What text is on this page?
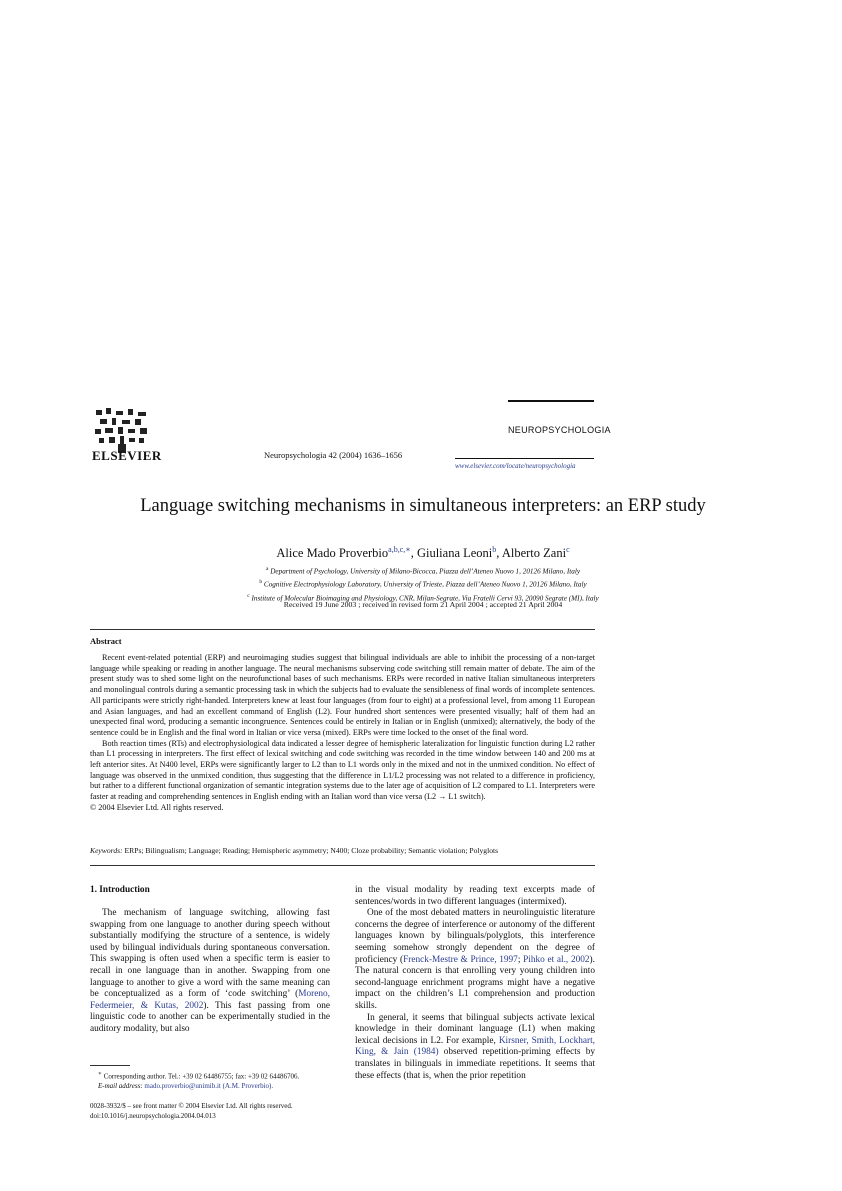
ELSEVIER	Neuropsychologia 42 (2004) 1636–1656
NEUROPSYCHOLOGIA
www.elsevier.com/locate/neuropsychologia
Language switching mechanisms in simultaneous interpreters: an ERP study
Alice Mado Proverbio$^{a,b,c,∗}$, Giuliana Leoni$^b$, Alberto Zani$^c$
$^a$ Department of Psychology, University of Milano-Bicocca, Piazza dell’Ateneo Nuovo 1, 20126 Milano, Italy
$^b$ Cognitive Electrophysiology Laboratory, University of Trieste, Piazza dell’Ateneo Nuovo 1, 20126 Milano, Italy
$^c$ Institute of Molecular Bioimaging and Physiology, CNR, Milan-Segrate, Via Fratelli Cervi 93, 20090 Segrate (MI), Italy
Received 19 June 2003 ; received in revised form 21 April 2004 ; accepted 21 April 2004
Abstract

Recent event-related potential (ERP) and neuroimaging studies suggest that bilingual individuals are able to inhibit the processing of a non-target language while speaking or reading in another language. The neural mechanisms subserving code switching still remain matter of debate. The aim of the present study was to shed some light on the neurofunctional bases of such mechanisms. ERPs were recorded in native Italian simultaneous interpreters and monolingual controls during a semantic processing task in which the subjects had to evaluate the sensibleness of final words of incomplete sentences. All participants were strictly right-handed. Interpreters knew at least four languages (from four to eight) at a professional level, from among 11 European and Asian languages, and had an excellent command of English (L2). Four hundred short sentences were presented visually; half of them had an unexpected final word, producing a semantic incongruence. Sentences could be entirely in Italian or in English (unmixed); alternatively, the body of the sentence could be in English and the final word in Italian or vice versa (mixed). ERPs were time locked to the onset of the final word.

Both reaction times (RTs) and electrophysiological data indicated a lesser degree of hemispheric lateralization for linguistic function during L2 rather than L1 processing in interpreters. The first effect of lexical switching and code switching was recorded in the time window between 140 and 200 ms at left anterior sites. At N400 level, ERPs were significantly larger to L2 than to L1 words only in the mixed and not in the unmixed condition. No effect of language was observed in the unmixed condition, thus suggesting that the difference in L1/L2 processing was not related to a difference in proficiency, but rather to a different functional organization of semantic integration systems due to the later age of acquisition of L2 compared to L1. Interpreters were faster at reading and comprehending sentences in English ending with an Italian word than vice versa (L2 → L1 switch).

© 2004 Elsevier Ltd. All rights reserved.

Keywords: ERPs; Bilingualism; Language; Reading; Hemispheric asymmetry; N400; Cloze probability; Semantic violation; Polyglots
1. Introduction

The mechanism of language switching, allowing fast swapping from one language to another during speech without substantially modifying the structure of a sentence, is widely used by bilingual individuals during spontaneous conversation. This swapping is often used when a specific term is easier to recall in one language than in another. Swapping from one language to another to give a word with the same meaning can be conceptualized as a form of ‘code switching’ (Moreno, Federmeier, & Kutas, 2002). This fast passing from one linguistic code to another can be experimentally studied in the auditory modality, but also

in the visual modality by reading text excerpts made of sentences/words in two different languages (intermixed).

One of the most debated matters in neurolinguistic literature concerns the degree of interference or autonomy of the different languages known by bilinguals/polyglots, this interference seeming somehow strongly dependent on the degree of proficiency (Frenck-Mestre & Prince, 1997; Pihko et al., 2002). The natural concern is that enrolling very young children into second-language enrichment programs might have a negative impact on the children’s L1 comprehension and production skills.

In general, it seems that bilingual subjects activate lexical knowledge in their dominant language (L1) when making lexical decisions in L2. For example, Kirsner, Smith, Lockhart, King, & Jain (1984) observed repetition-priming effects by translates in bilinguals in immediate repetitions. It seems that these effects (that is, when the prior repetition

∗ Corresponding author. Tel.: +39 02 64486755; fax: +39 02 64486706.

E-mail address: mado.proverbio@unimib.it (A.M. Proverbio).

0028-3932/$ – see front matter © 2004 Elsevier Ltd. All rights reserved.
doi:10.1016/j.neuropsychologia.2004.04.013
